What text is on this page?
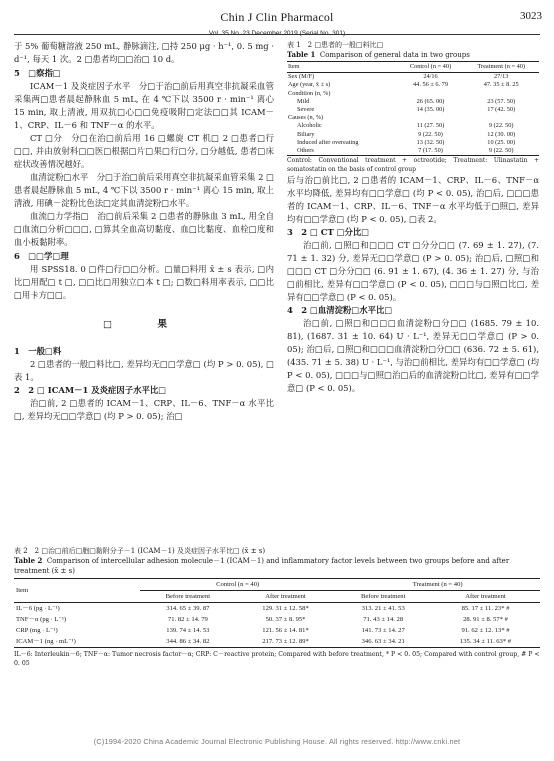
Chin J Clin Pharmacol	3023
Vol. 35 No. 23 December 2019 (Serial No. 301)

于 5% 葡萄糖溶液 250 mL, 静脉滴注, □持 250 μg · h⁻¹, 0. 5 mg · d⁻¹, 每天 1 次。2 □患者均□□治□ 10 d。

5　□察指□

ICAM－1 及炎症因子水平　分□于治□前后用真空非抗凝采血管采集两□患者晨起静脉血 5 mL, 在 4 ℃下以 3500 r · min⁻¹ 离心 15 min, 取上清液, 用双抗□心□□免疫吸附□定法□□其 ICAM－1、CRP、IL－6 和 TNF－α 的水平。

CT □分　分□在治□前后用 16 □螺旋 CT 机□ 2 □患者□行□□, 并由放射科□□医□根据□片□果□行□分, □分越低, 患者□床症状改善情况越好。

血清淀粉□水平　分□于治□前后采用真空非抗凝采血管采集 2 □患者晨起静脉血 5 mL, 4 ℃下以 3500 r · min⁻¹ 离心 15 min, 取上清液, 用碘－淀粉比色法□定其血清淀粉□水平。

血流□力学指□　治□前后采集 2 □患者的静脉血 3 mL, 用全自□血流□分析□□□, □算其全血高切黏度、血□比黏度、血栓□度和血小板黏附率。

6　□□学□理

用 SPSS18. 0 □件□行□□分析。□量□料用 x̄ ± s 表示, □内比□用配□ t □, □□比□用独立□本 t □; □数□料用率表示, □□比□用卡方□□。

□　果

1　一般□料

2 □患者的一般□料比□, 差异均无□□学意□ (均 P > 0. 05), □表 1。

2　2 □ ICAM－1 及炎症因子水平比□

治□前, 2 □患者的 ICAM－1、CRP、IL－6、TNF－α 水平比□, 差异均无□□学意□ (均 P > 0. 05); 治□

表 1　2 □患者的一般□料比□
Table 1 Comparison of general data in two groups
Item	Control (n = 40)	Treatment (n = 40)
Sex (M/F)	24/16	27/13
Age (year, x̄ ± s)	44. 56 ± 6. 79	47. 35 ± 8. 25
Condition (n, %)		
Mild	26 (65. 00)	23 (57. 50)
Severe	14 (35. 00)	17 (42. 50)
Causes (n, %)		
Alcoholic	11 (27. 50)	9 (22. 50)
Biliary	9 (22. 50)	12 (30. 00)
Induced after overeating	13 (32. 50)	10 (25. 00)
Others	7 (17. 50)	9 (22. 50)

Control: Conventional treatment + octreotide; Treatment: Ulinastatin + somatostatin on the basis of control group

后与治□前比□, 2 □患者的 ICAM－1、CRP、IL－6、TNF－α 水平均降低, 差异均有□□学意□ (均 P < 0. 05), 治□后, □□□患者的 ICAM－1、CRP、IL－6、TNF－α 水平均低于□照□, 差异均有□□学意□ (均 P < 0. 05), □表 2。

3　2 □ CT □分比□

治□前, □照□和□□□ CT □分分□□ (7. 69 ± 1. 27), (7. 71 ± 1. 32) 分, 差异无□□学意□ (P > 0. 05); 治□后, □照□和□□□ CT □分分□□ (6. 91 ± 1. 67), (4. 36 ± 1. 27) 分, 与治□前相比, 差异有□□学意□ (P < 0. 05), □□□与□照□比□, 差异有□□学意□ (P < 0. 05)。

4　2 □血清淀粉□水平比□

治□前, □照□和□□□血清淀粉□分□□ (1685. 79 ± 10. 81), (1687. 31 ± 10. 64) U · L⁻¹, 差异无□□学意□ (P > 0. 05); 治□后, □照□和□□□血清淀粉□分□□ (636. 72 ± 5. 61), (435. 71 ± 5. 38) U · L⁻¹, 与治□前相比, 差异均有□□学意□ (均 P < 0. 05), □□□与□照□治□后的血清淀粉□比□, 差异有□□学意□ (P < 0. 05)。

表 2　2 □治□前后□胞□黏附分子－1 (ICAM－1) 及炎症因子水平比□ (x̄ ± s)
Table 2 Comparison of intercellular adhesion molecule－1 (ICAM－1) and inflammatory factor levels between two groups before and after treatment (x̄ ± s)
Item	Control (n = 40)		Treatment (n = 40)	
	Before treatment	After treatment	Before treatment	After treatment
IL－6 (pg · L⁻¹)	314. 65 ± 39. 87	129. 31 ± 12. 58*	313. 21 ± 41. 53	85. 17 ± 11. 23* #
TNF－α (pg · L⁻¹)	71. 82 ± 14. 79	50. 37 ± 8. 95*	71. 43 ± 14. 28	28. 91 ± 8. 57* #
CRP (mg · L⁻¹)	139. 74 ± 14. 53	121. 56 ± 14. 81*	141. 73 ± 14. 27	91. 62 ± 12. 13* #
ICAM－1 (ng · mL⁻¹)	344. 86 ± 34. 82	217. 73 ± 12. 89*	346. 63 ± 34. 21	135. 34 ± 11. 63* #

IL－6: Interleukin－6; TNF－α: Tumor necrosis factor－α; CRP: C－reactive protein; Compared with before treatment, * P < 0. 05; Compared with control group, # P < 0. 05

(C)1994-2020 China Academic Journal Electronic Publishing House. All rights reserved. http://www.cnki.net
